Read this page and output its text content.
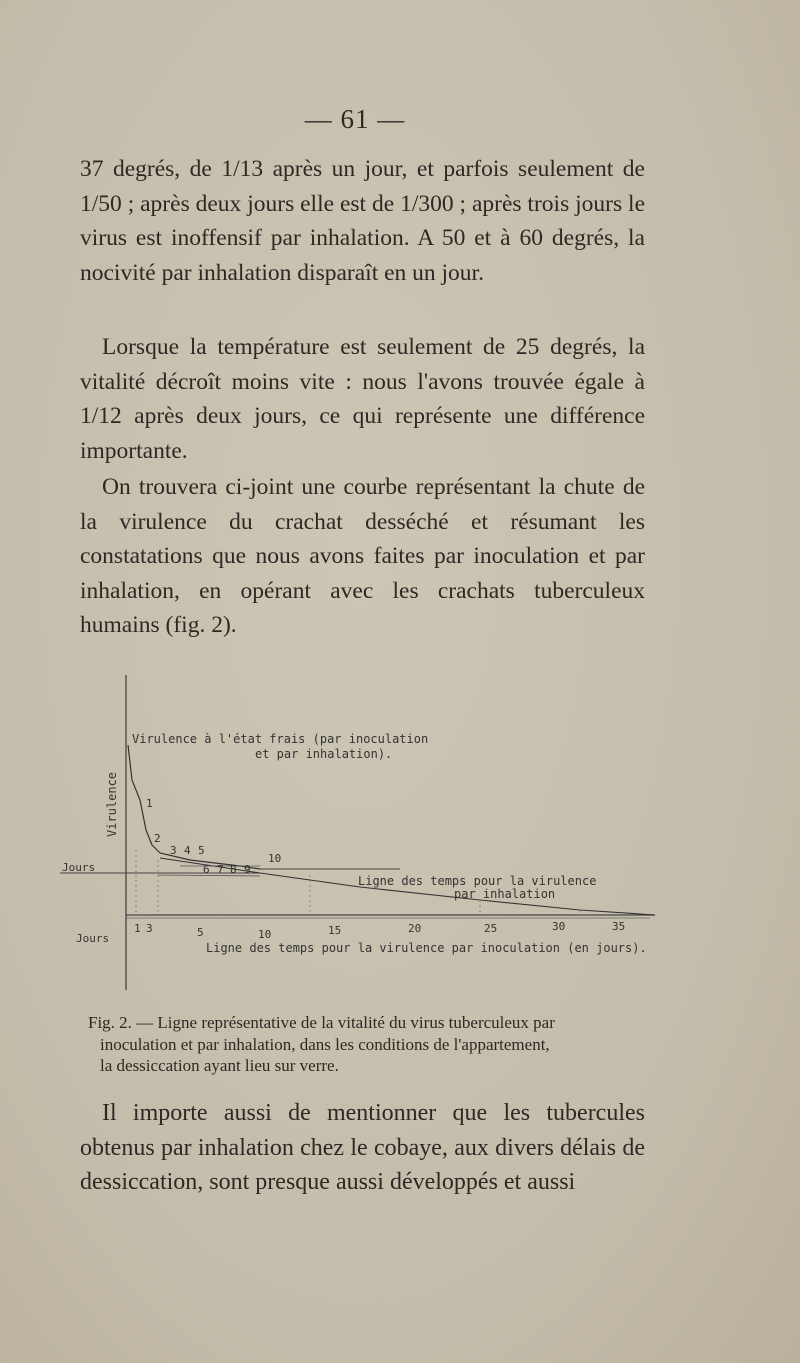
— 61 —

37 degrés, de 1/13 après un jour, et parfois seulement de 1/50 ; après deux jours elle est de 1/300 ; après trois jours le virus est inoffensif par inhalation. A 50 et à 60 degrés, la nocivité par inhalation disparaît en un jour.

Lorsque la température est seulement de 25 degrés, la vitalité décroît moins vite : nous l'avons trouvée égale à 1/12 après deux jours, ce qui représente une différence importante.

On trouvera ci-joint une courbe représentant la chute de la virulence du crachat desséché et résumant les constatations que nous avons faites par inoculation et par inhalation, en opérant avec les crachats tuberculeux humains (fig. 2).

Virulence à l'état frais (par inoculation
et par inhalation).
Virulence 1
2
3 4 5
6 7 8 9
10
Jours
Jours
Ligne des temps pour la virulence
par inhalation
1 3	5	10	15	20	25	30	35
Ligne des temps pour la virulence par inoculation (en jours).
Fig. 2. — Ligne représentative de la vitalité du virus tuberculeux par
inoculation et par inhalation, dans les conditions de l'appartement,
la dessiccation ayant lieu sur verre.

Il importe aussi de mentionner que les tubercules obtenus par inhalation chez le cobaye, aux divers délais de dessiccation, sont presque aussi développés et aussi
